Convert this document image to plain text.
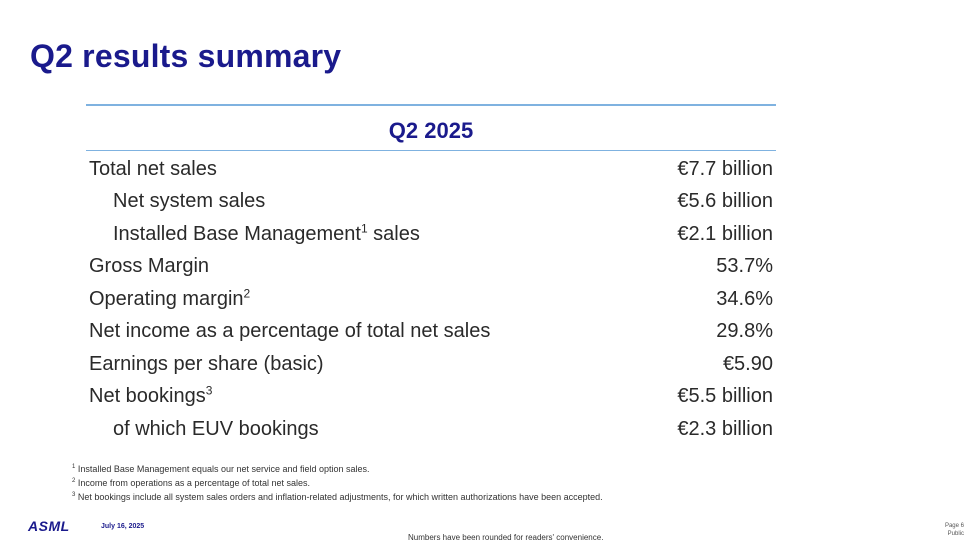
Q2 results summary
Q2 2025
Total net sales	€7.7 billion
Net system sales	€5.6 billion
Installed Base Management$^1$ sales	€2.1 billion
Gross Margin	53.7%
Operating margin$^2$	34.6%
Net income as a percentage of total net sales	29.8%
Earnings per share (basic)	€5.90
Net bookings$^3$	€5.5 billion
of which EUV bookings	€2.3 billion
$^1$ Installed Base Management equals our net service and field option sales.
$^2$ Income from operations as a percentage of total net sales.
$^3$ Net bookings include all system sales orders and inflation-related adjustments, for which written authorizations have been accepted.
ASML	July 16, 2025
Numbers have been rounded for readers' convenience.
Page 6
Public
